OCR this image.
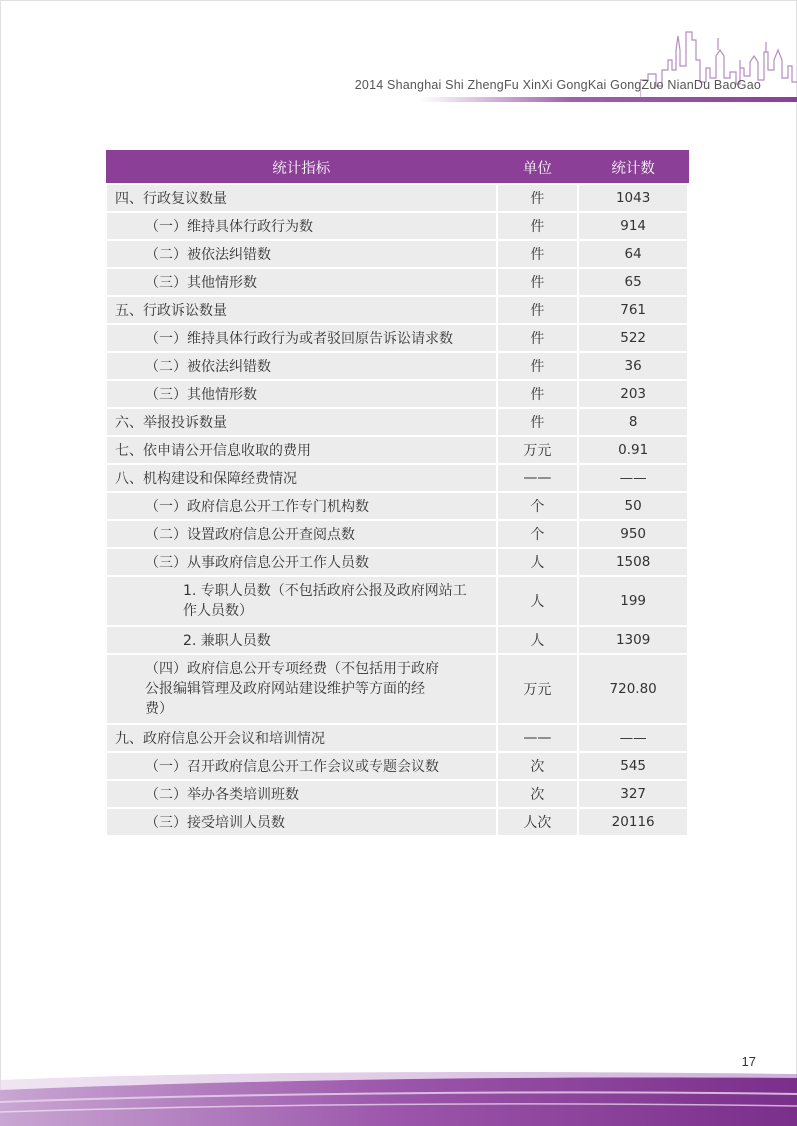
2014 Shanghai Shi ZhengFu XinXi GongKai GongZuo NianDu BaoGao
统计指标	单位	统计数
四、行政复议数量	件	1043
（一）维持具体行政行为数	件	914
（二）被依法纠错数	件	64
（三）其他情形数	件	65
五、行政诉讼数量	件	761
（一）维持具体行政行为或者驳回原告诉讼请求数	件	522
（二）被依法纠错数	件	36
（三）其他情形数	件	203
六、举报投诉数量	件	8
七、依申请公开信息收取的费用	万元	0.91
八、机构建设和保障经费情况	——	——
（一）政府信息公开工作专门机构数	个	50
（二）设置政府信息公开查阅点数	个	950
（三）从事政府信息公开工作人员数	人	1508
1. 专职人员数（不包括政府公报及政府网站工作人员数）	人	199
2. 兼职人员数	人	1309
（四）政府信息公开专项经费（不包括用于政府公报编辑管理及政府网站建设维护等方面的经费）	万元	720.80
九、政府信息公开会议和培训情况	——	——
（一）召开政府信息公开工作会议或专题会议数	次	545
（二）举办各类培训班数	次	327
（三）接受培训人员数	人次	20116
17
